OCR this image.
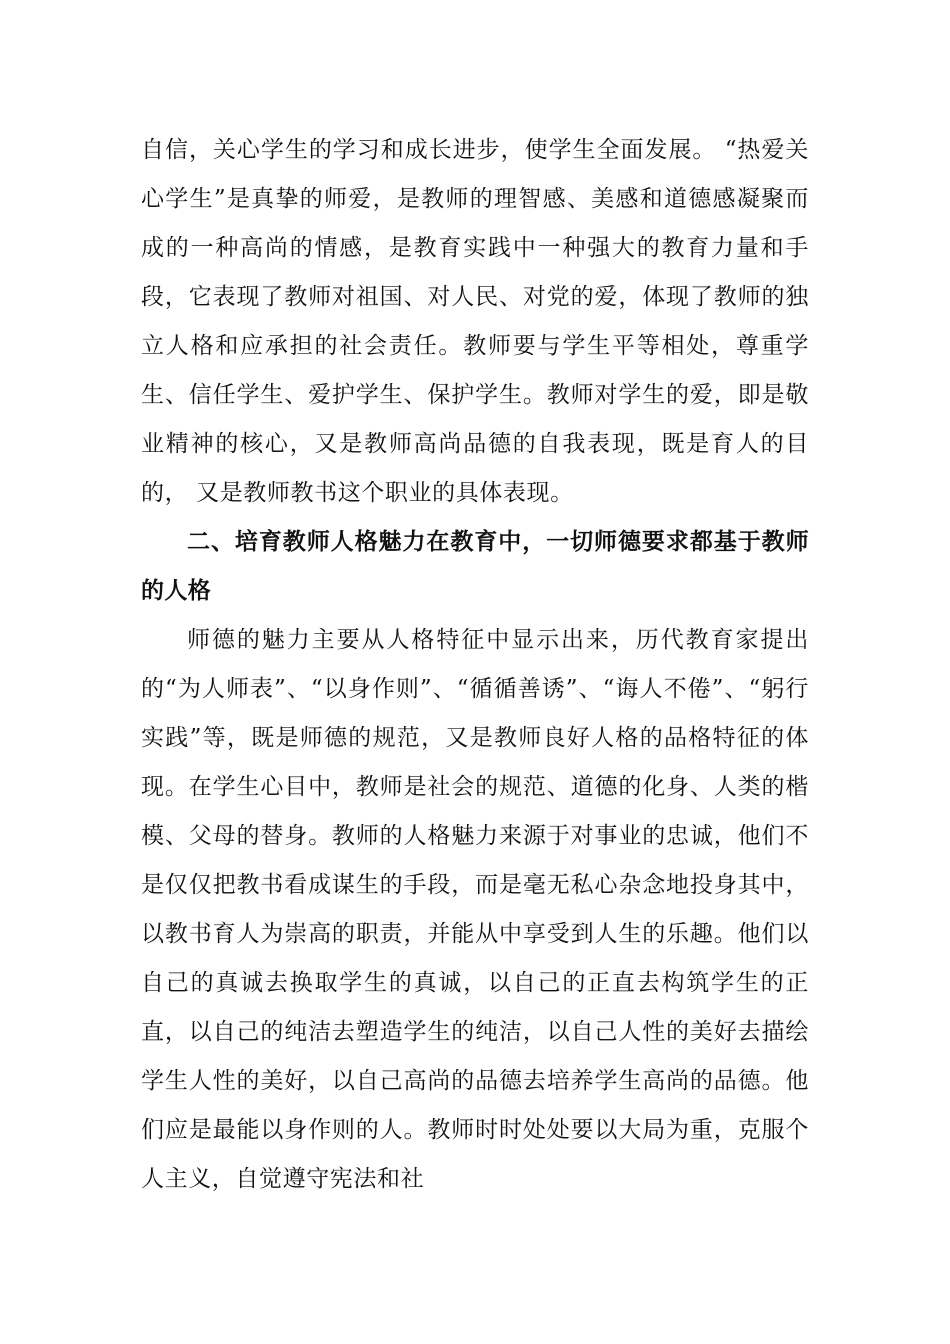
自信，关心学生的学习和成长进步，使学生全面发展。 “热爱关心学生”是真挚的师爱，是教师的理智感、美感和道德感凝聚而成的一种高尚的情感，是教育实践中一种强大的教育力量和手段，它表现了教师对祖国、对人民、对党的爱，体现了教师的独立人格和应承担的社会责任。教师要与学生平等相处，尊重学生、信任学生、爱护学生、保护学生。教师对学生的爱，即是敬业精神的核心，又是教师高尚品德的自我表现，既是育人的目的， 又是教师教书这个职业的具体表现。

二、培育教师人格魅力在教育中，一切师德要求都基于教师的人格

师德的魅力主要从人格特征中显示出来，历代教育家提出的“为人师表”、“以身作则”、“循循善诱”、“诲人不倦”、“躬行实践”等，既是师德的规范，又是教师良好人格的品格特征的体现。在学生心目中，教师是社会的规范、道德的化身、人类的楷模、父母的替身。教师的人格魅力来源于对事业的忠诚，他们不是仅仅把教书看成谋生的手段，而是毫无私心杂念地投身其中，以教书育人为崇高的职责，并能从中享受到人生的乐趣。他们以自己的真诚去换取学生的真诚，以自己的正直去构筑学生的正直，以自己的纯洁去塑造学生的纯洁，以自己人性的美好去描绘学生人性的美好，以自己高尚的品德去培养学生高尚的品德。他们应是最能以身作则的人。教师时时处处要以大局为重，克服个人主义，自觉遵守宪法和社
